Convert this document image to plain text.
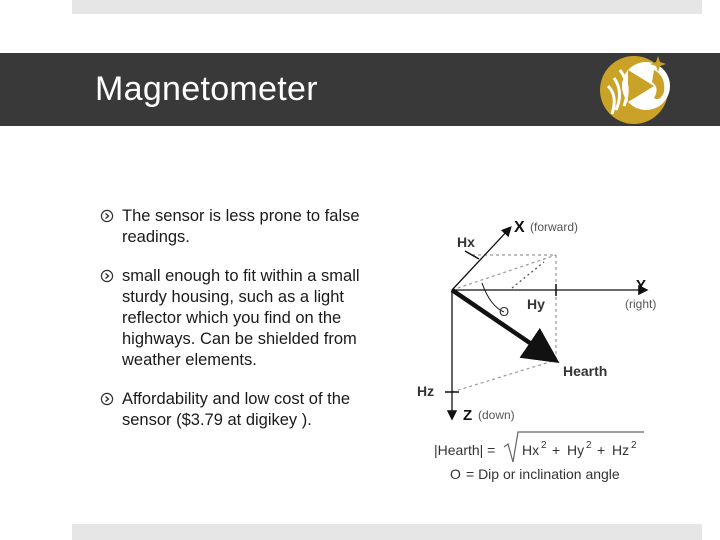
Magnetometer
The sensor is less prone to false readings.
small enough to fit within a small sturdy housing, such as a light reflector which you find on the highways. Can be shielded from weather elements.
Affordability and low cost of the sensor ($3.79 at digikey ).
X (forward)
Hx
Y
(right)
Hy
O
Hearth
Hz
Z (down)
|Hearth| = Hx 2 + Hy 2 + Hz 2
O = Dip or inclination angle
